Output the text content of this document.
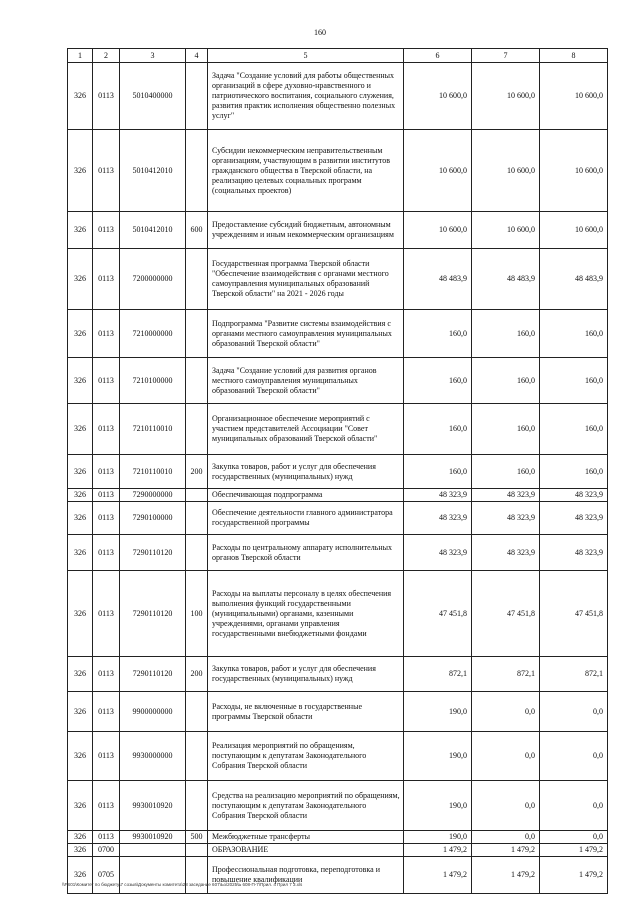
160
1	2	3	4	5	6	7	8
326	0113	5010400000		Задача "Создание условий для работы общественных организаций в сфере духовно-нравственного и патриотического воспитания, социального служения, развития практик исполнения общественно полезных услуг"	10 600,0	10 600,0	10 600,0
326	0113	5010412010		Субсидии некоммерческим неправительственным организациям, участвующим в развитии институтов гражданского общества в Тверской области, на реализацию целевых социальных программ (социальных проектов)	10 600,0	10 600,0	10 600,0
326	0113	5010412010	600	Предоставление субсидий бюджетным, автономным учреждениям и иным некоммерческим организациям	10 600,0	10 600,0	10 600,0
326	0113	7200000000		Государственная программа Тверской области "Обеспечение взаимодействия с органами местного самоуправления муниципальных образований Тверской области" на 2021 - 2026 годы	48 483,9	48 483,9	48 483,9
326	0113	7210000000		Подпрограмма "Развитие системы взаимодействия с органами местного самоуправления муниципальных образований Тверской области"	160,0	160,0	160,0
326	0113	7210100000		Задача "Создание условий для развития органов местного самоуправления муниципальных образований Тверской области"	160,0	160,0	160,0
326	0113	7210110010		Организационное обеспечение мероприятий с участием представителей Ассоциации "Совет муниципальных образований Тверской области"	160,0	160,0	160,0
326	0113	7210110010	200	Закупка товаров, работ и услуг для обеспечения государственных (муниципальных) нужд	160,0	160,0	160,0
326	0113	7290000000		Обеспечивающая подпрограмма	48 323,9	48 323,9	48 323,9
326	0113	7290100000		Обеспечение деятельности главного администратора государственной программы	48 323,9	48 323,9	48 323,9
326	0113	7290110120		Расходы по центральному аппарату исполнительных органов Тверской области	48 323,9	48 323,9	48 323,9
326	0113	7290110120	100	Расходы на выплаты персоналу в целях обеспечения выполнения функций государственными (муниципальными) органами, казенными учреждениями, органами управления государственными внебюджетными фондами	47 451,8	47 451,8	47 451,8
326	0113	7290110120	200	Закупка товаров, работ и услуг для обеспечения государственных (муниципальных) нужд	872,1	872,1	872,1
326	0113	9900000000		Расходы, не включенные в государственные программы Тверской области	190,0	0,0	0,0
326	0113	9930000000		Реализация мероприятий по обращениям, поступающим к депутатам Законодательного Собрания Тверской области	190,0	0,0	0,0
326	0113	9930010920		Средства на реализацию мероприятий по обращениям, поступающим к депутатам Законодательного Собрания Тверской области	190,0	0,0	0,0
326	0113	9930010920	500	Межбюджетные трансферты	190,0	0,0	0,0
326	0700			ОБРАЗОВАНИЕ	1 479,2	1 479,2	1 479,2
326	0705			Профессиональная подготовка, переподготовка и повышение квалификации	1 479,2	1 479,2	1 479,2
\\FS01\Комитет по бюджету\7 созыв\Документы комитета\28 заседание 607\Ьз\2025\Ь 608-П-7\Прил. 4 Прил 7 3.xls
